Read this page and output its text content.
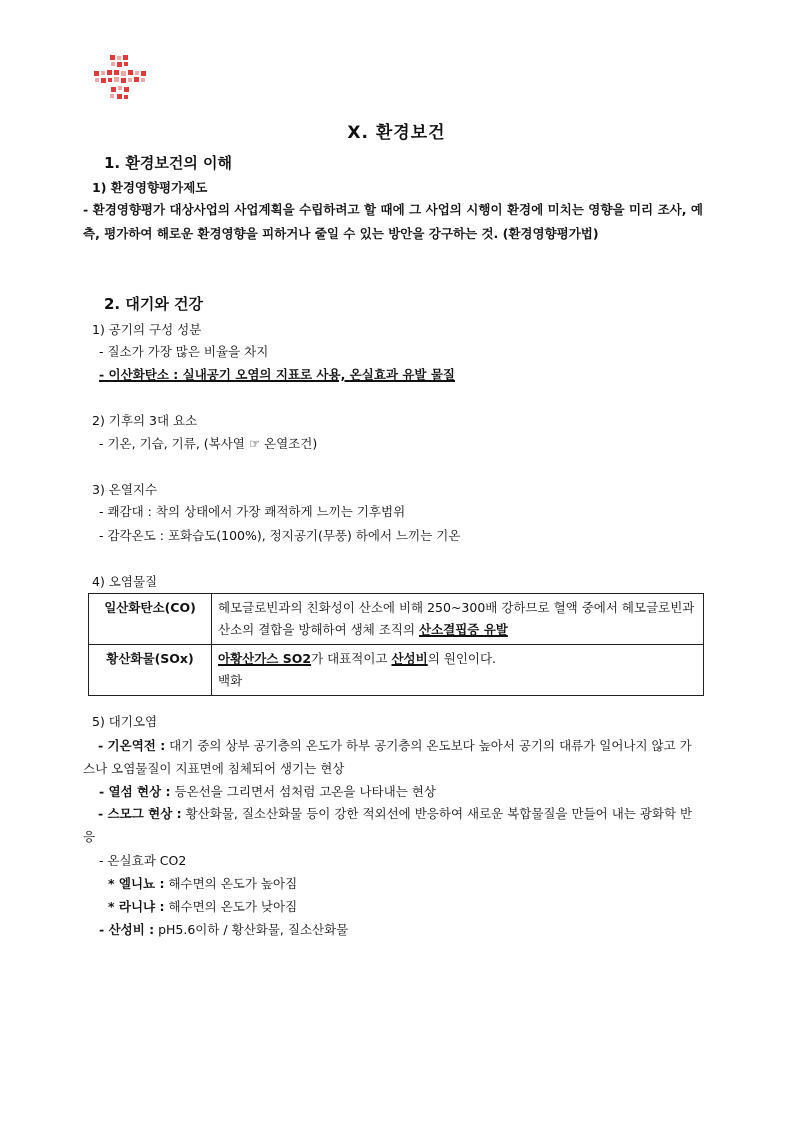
Ⅹ. 환경보건
1. 환경보건의 이해
1) 환경영향평가제도
- 환경영향평가 대상사업의 사업계획을 수립하려고 할 때에 그 사업의 시행이 환경에 미치는 영향을 미리 조사, 예측, 평가하여 해로운 환경영향을 피하거나 줄일 수 있는 방안을 강구하는 것. (환경영향평가법)
2. 대기와 건강
1) 공기의 구성 성분
- 질소가 가장 많은 비율을 차지
- 이산화탄소 : 실내공기 오염의 지표로 사용, 온실효과 유발 물질
2) 기후의 3대 요소
- 기온, 기습, 기류, (복사열 ☞ 온열조건)
3) 온열지수
- 쾌감대 : 착의 상태에서 가장 쾌적하게 느끼는 기후범위
- 감각온도 : 포화습도(100%), 정지공기(무풍) 하에서 느끼는 기온
4) 오염물질
일산화탄소(CO)	헤모글로빈과의 친화성이 산소에 비해 250~300배 강하므로 혈액 중에서 헤모글로빈과 산소의 결합을 방해하여 생체 조직의 산소결핍증 유발
황산화물(SOx)	아황산가스 SO2가 대표적이고 산성비의 원인이다.
백화
5) 대기오염
- 기온역전 : 대기 중의 상부 공기층의 온도가 하부 공기층의 온도보다 높아서 공기의 대류가 일어나지 않고 가스나 오염물질이 지표면에 침체되어 생기는 현상
- 열섬 현상 : 등온선을 그리면서 섬처럼 고온을 나타내는 현상
- 스모그 현상 : 황산화물, 질소산화물 등이 강한 적외선에 반응하여 새로운 복합물질을 만들어 내는 광화학 반응
- 온실효과 CO2
* 엘니뇨 : 해수면의 온도가 높아짐
* 라니냐 : 해수면의 온도가 낮아짐
- 산성비 : pH5.6이하 / 황산화물, 질소산화물
